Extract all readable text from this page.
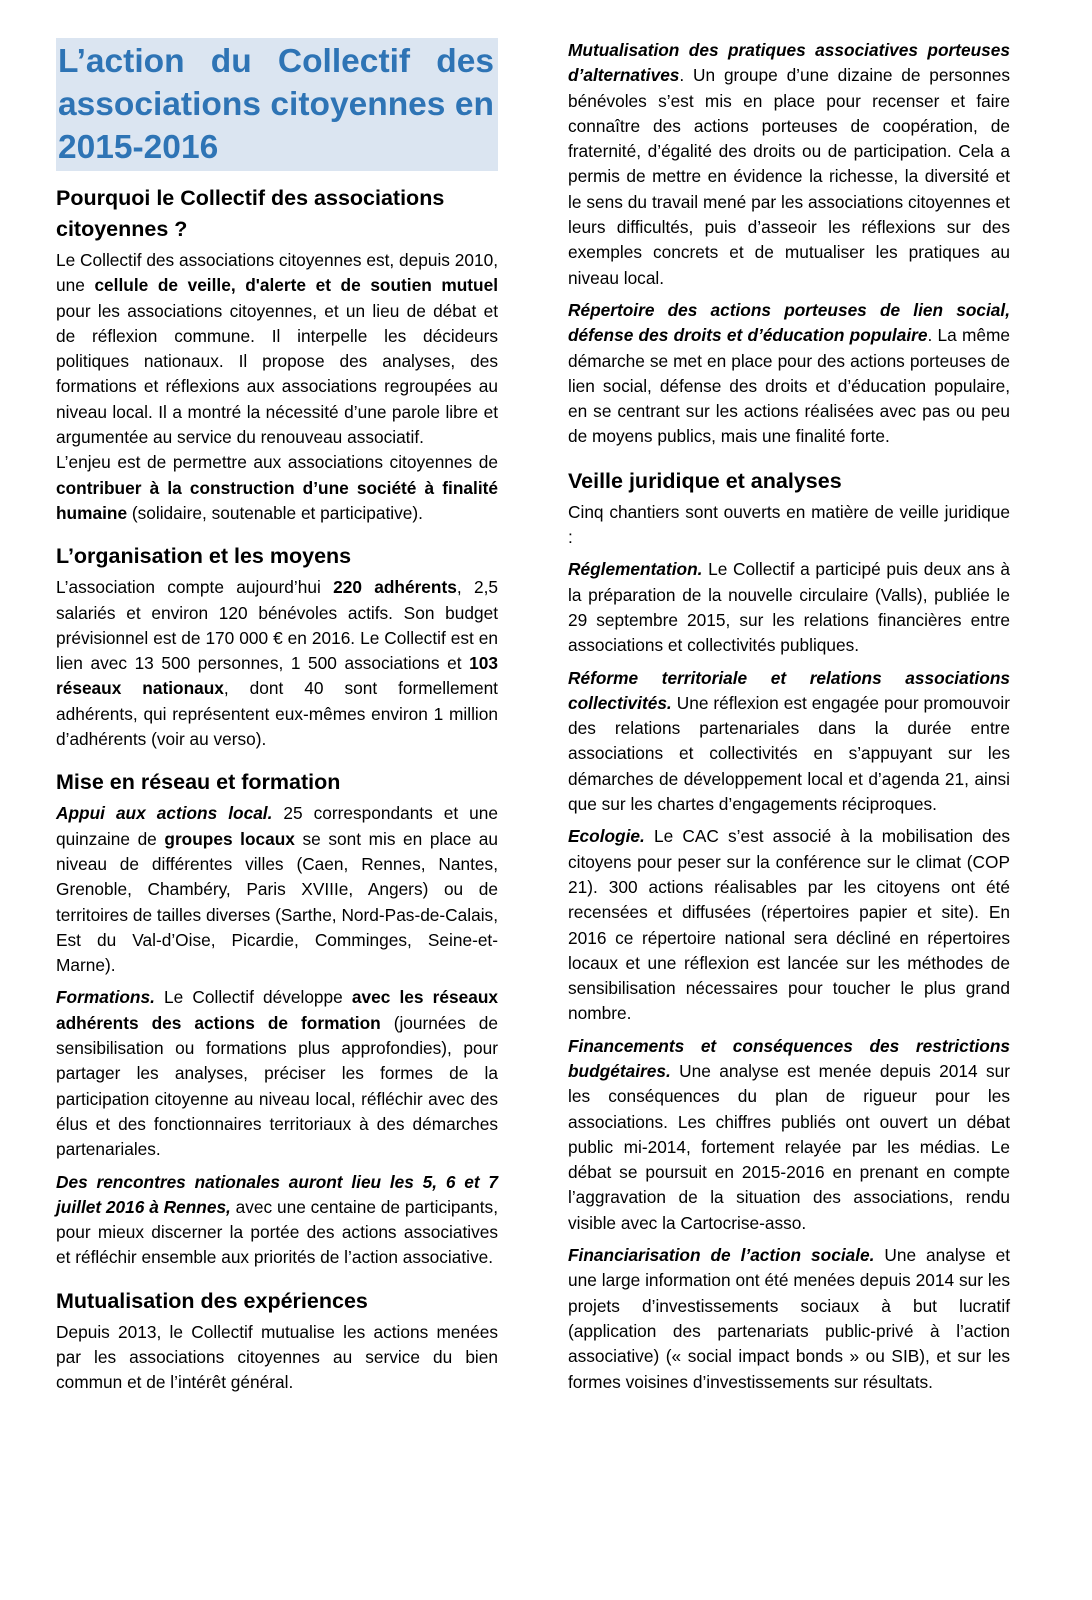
L’action du Collectif des associations citoyennes en 2015-2016
Pourquoi le Collectif des associations citoyennes ?

Le Collectif des associations citoyennes est, depuis 2010, une cellule de veille, d'alerte et de soutien mutuel pour les associations citoyennes, et un lieu de débat et de réflexion commune. Il interpelle les décideurs politiques nationaux. Il propose des analyses, des formations et réflexions aux associations regroupées au niveau local. Il a montré la nécessité d’une parole libre et argumentée au service du renouveau associatif.

L’enjeu est de permettre aux associations citoyennes de contribuer à la construction d’une société à finalité humaine (solidaire, soutenable et participative).

L’organisation et les moyens

L’association compte aujourd’hui 220 adhérents, 2,5 salariés et environ 120 bénévoles actifs. Son budget prévisionnel est de 170 000 € en 2016. Le Collectif est en lien avec 13 500 personnes, 1 500 associations et 103 réseaux nationaux, dont 40 sont formellement adhérents, qui représentent eux-mêmes environ 1 million d’adhérents (voir au verso).

Mise en réseau et formation

Appui aux actions local. 25 correspondants et une quinzaine de groupes locaux se sont mis en place au niveau de différentes villes (Caen, Rennes, Nantes, Grenoble, Chambéry, Paris XVIIIe, Angers) ou de territoires de tailles diverses (Sarthe, Nord-Pas-de-Calais, Est du Val-d’Oise, Picardie, Comminges, Seine-et-Marne).

Formations. Le Collectif développe avec les réseaux adhérents des actions de formation (journées de sensibilisation ou formations plus approfondies), pour partager les analyses, préciser les formes de la participation citoyenne au niveau local, réfléchir avec des élus et des fonctionnaires territoriaux à des démarches partenariales.

Des rencontres nationales auront lieu les 5, 6 et 7 juillet 2016 à Rennes, avec une centaine de participants, pour mieux discerner la portée des actions associatives et réfléchir ensemble aux priorités de l’action associative.

Mutualisation des expériences

Depuis 2013, le Collectif mutualise les actions menées par les associations citoyennes au service du bien commun et de l’intérêt général.

Mutualisation des pratiques associatives porteuses d’alternatives. Un groupe d’une dizaine de personnes bénévoles s’est mis en place pour recenser et faire connaître des actions porteuses de coopération, de fraternité, d’égalité des droits ou de participation. Cela a permis de mettre en évidence la richesse, la diversité et le sens du travail mené par les associations citoyennes et leurs difficultés, puis d’asseoir les réflexions sur des exemples concrets et de mutualiser les pratiques au niveau local.

Répertoire des actions porteuses de lien social, défense des droits et d’éducation populaire. La même démarche se met en place pour des actions porteuses de lien social, défense des droits et d’éducation populaire, en se centrant sur les actions réalisées avec pas ou peu de moyens publics, mais une finalité forte.

Veille juridique et analyses

Cinq chantiers sont ouverts en matière de veille juridique :

Réglementation. Le Collectif a participé puis deux ans à la préparation de la nouvelle circulaire (Valls), publiée le 29 septembre 2015, sur les relations financières entre associations et collectivités publiques.

Réforme territoriale et relations associations collectivités. Une réflexion est engagée pour promouvoir des relations partenariales dans la durée entre associations et collectivités en s’appuyant sur les démarches de développement local et d’agenda 21, ainsi que sur les chartes d’engagements réciproques.

Ecologie. Le CAC s’est associé à la mobilisation des citoyens pour peser sur la conférence sur le climat (COP 21). 300 actions réalisables par les citoyens ont été recensées et diffusées (répertoires papier et site). En 2016 ce répertoire national sera décliné en répertoires locaux et une réflexion est lancée sur les méthodes de sensibilisation nécessaires pour toucher le plus grand nombre.

Financements et conséquences des restrictions budgétaires. Une analyse est menée depuis 2014 sur les conséquences du plan de rigueur pour les associations. Les chiffres publiés ont ouvert un débat public mi-2014, fortement relayée par les médias. Le débat se poursuit en 2015-2016 en prenant en compte l’aggravation de la situation des associations, rendu visible avec la Cartocrise-asso.

Financiarisation de l’action sociale. Une analyse et une large information ont été menées depuis 2014 sur les projets d’investissements sociaux à but lucratif (application des partenariats public-privé à l’action associative) (« social impact bonds » ou SIB), et sur les formes voisines d’investissements sur résultats.
